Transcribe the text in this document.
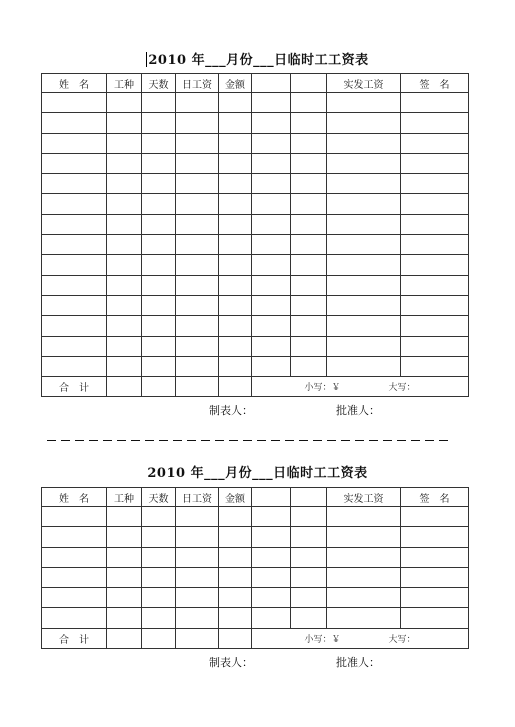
2010 年___月份___日临时工工资表
姓　名	工种	天数	日工资	金额			实发工资	签　名

合　计					小写：￥ 大写：			
制表人：	批准人：
2010 年___月份___日临时工工资表
姓　名	工种	天数	日工资	金额			实发工资	签　名

合　计					小写：￥ 大写：			
制表人：	批准人：
